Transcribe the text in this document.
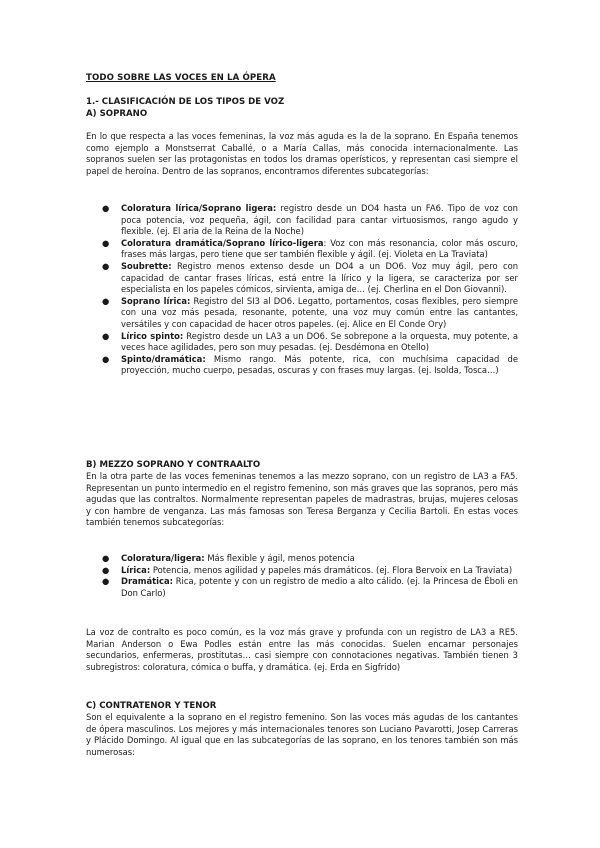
TODO SOBRE LAS VOCES EN LA ÓPERA
1.- CLASIFICACIÓN DE LOS TIPOS DE VOZ
A) SOPRANO

En lo que respecta a las voces femeninas, la voz más aguda es la de la soprano. En España tenemos como ejemplo a Monstserrat Caballé, o a María Callas, más conocida internacionalmente. Las sopranos suelen ser las protagonistas en todos los dramas operísticos, y representan casi siempre el papel de heroína. Dentro de las sopranos, encontramos diferentes subcategorías:

● Coloratura lírica/Soprano ligera: registro desde un DO4 hasta un FA6. Tipo de voz con poca potencia, voz pequeña, ágil, con facilidad para cantar virtuosismos, rango agudo y flexible. (ej. El aria de la Reina de la Noche)
● Coloratura dramática/Soprano lírico-ligera: Voz con más resonancia, color más oscuro, frases más largas, pero tiene que ser también flexible y ágil. (ej. Violeta en La Traviata)
● Soubrette: Registro menos extenso desde un DO4 a un DO6. Voz muy ágil, pero con capacidad de cantar frases líricas, está entre la lírico y la ligera, se caracteriza por ser especialista en los papeles cómicos, sirvienta, amiga de… (ej. Cherlina en el Don Giovanni).
● Soprano lírica: Registro del SI3 al DO6. Legatto, portamentos, cosas flexibles, pero siempre con una voz más pesada, resonante, potente, una voz muy común entre las cantantes, versátiles y con capacidad de hacer otros papeles. (ej. Alice en El Conde Ory)
● Lírico spinto: Registro desde un LA3 a un DO6. Se sobrepone a la orquesta, muy potente, a veces hace agilidades, pero son muy pesadas. (ej. Desdémona en Otello)
● Spinto/dramática: Mismo rango. Más potente, rica, con muchísima capacidad de proyección, mucho cuerpo, pesadas, oscuras y con frases muy largas. (ej. Isolda, Tosca…)
B) MEZZO SOPRANO Y CONTRAALTO

En la otra parte de las voces femeninas tenemos a las mezzo soprano, con un registro de LA3 a FA5. Representan un punto intermedio en el registro femenino, son más graves que las sopranos, pero más agudas que las contraltos. Normalmente representan papeles de madrastras, brujas, mujeres celosas y con hambre de venganza. Las más famosas son Teresa Berganza y Cecilia Bartoli. En estas voces también tenemos subcategorías:

● Coloratura/ligera: Más flexible y ágil, menos potencia
● Lírica: Potencia, menos agilidad y papeles más dramáticos. (ej. Flora Bervoix en La Traviata)
● Dramática: Rica, potente y con un registro de medio a alto cálido. (ej. la Princesa de Éboli en Don Carlo)

La voz de contralto es poco común, es la voz más grave y profunda con un registro de LA3 a RE5. Marian Anderson o Ewa Podles están entre las más conocidas. Suelen encarnar personajes secundarios, enfermeras, prostitutas… casi siempre con connotaciones negativas. También tienen 3 subregistros: coloratura, cómica o buffa, y dramática. (ej. Erda en Sigfrido)

C) CONTRATENOR Y TENOR

Son el equivalente a la soprano en el registro femenino. Son las voces más agudas de los cantantes de ópera masculinos. Los mejores y más internacionales tenores son Luciano Pavarotti, Josep Carreras y Plácido Domingo. Al igual que en las subcategorías de las soprano, en los tenores también son más numerosas:
